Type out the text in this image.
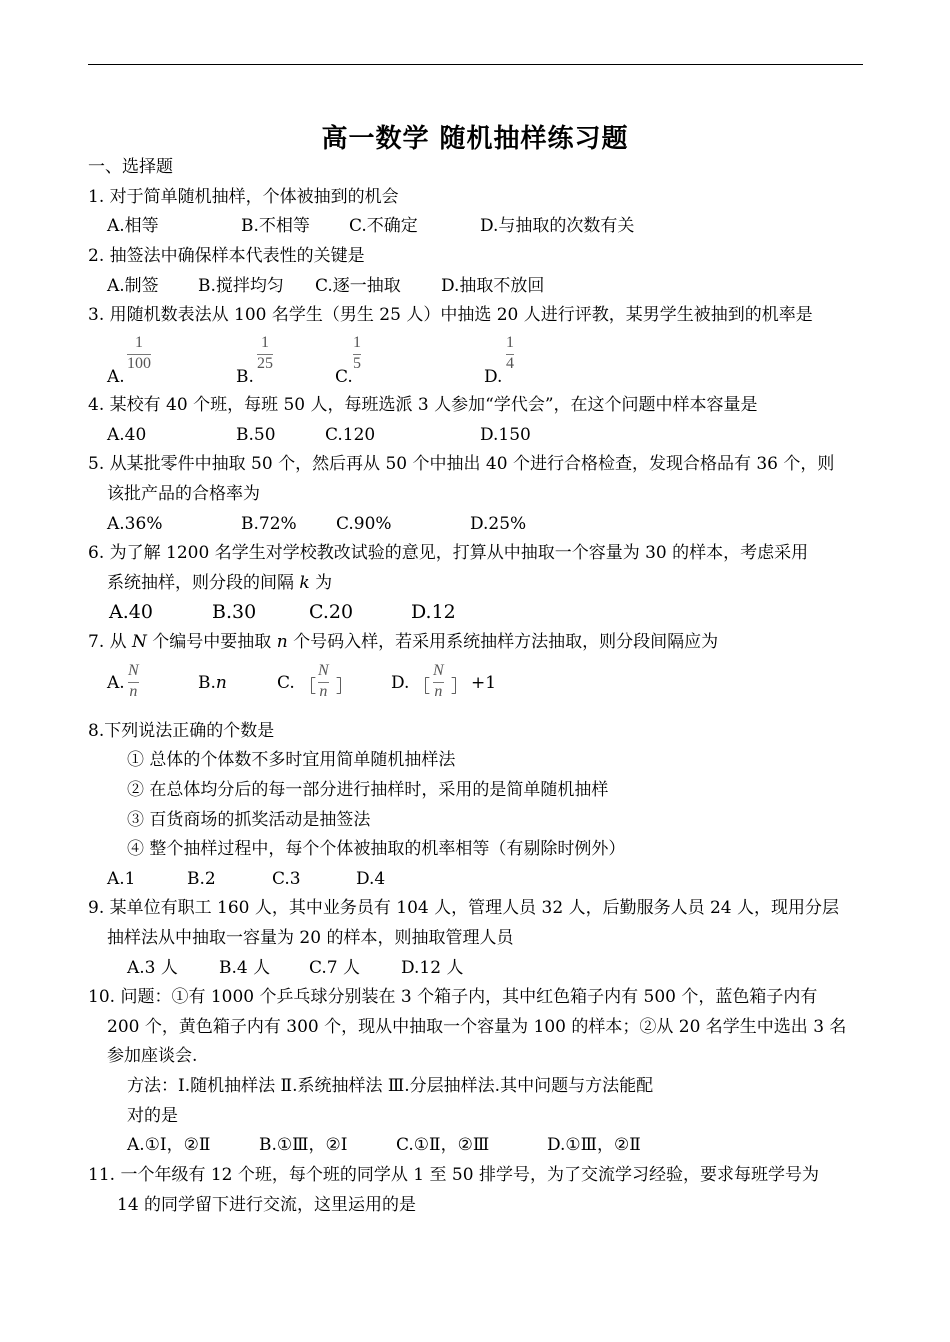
高一数学 随机抽样练习题
一、选择题
1. 对于简单随机抽样，个体被抽到的机会
A.相等	B.不相等 C.不确定	D.与抽取的次数有关
2. 抽签法中确保样本代表性的关键是
A.制签 B.搅拌均匀 C.逐一抽取 D.抽取不放回
3. 用随机数表法从 100 名学生（男生 25 人）中抽选 20 人进行评教，某男学生被抽到的机率是
A.
1
100
B.
1
25
C.
1
5
D.
1
4
4. 某校有 40 个班，每班 50 人，每班选派 3 人参加“学代会”，在这个问题中样本容量是
A.40	B.50	C.120	D.150
5. 从某批零件中抽取 50 个，然后再从 50 个中抽出 40 个进行合格检查，发现合格品有 36 个，则
该批产品的合格率为
A.36%	B.72% C.90%	D.25%
6. 为了解 1200 名学生对学校教改试验的意见，打算从中抽取一个容量为 30 的样本，考虑采用
系统抽样，则分段的间隔 k 为
A.40	B.30	C.20	D.12
7. 从 N 个编号中要抽取 n 个号码入样，若采用系统抽样方法抽取，则分段间隔应为
A.
N
n	B.n	C. ［
N
n ］ D. ［
N
n ］ +1
8.下列说法正确的个数是
① 总体的个体数不多时宜用简单随机抽样法
② 在总体均分后的每一部分进行抽样时，采用的是简单随机抽样
③ 百货商场的抓奖活动是抽签法
④ 整个抽样过程中，每个个体被抽取的机率相等（有剔除时例外）
A.1	B.2	C.3	D.4
9. 某单位有职工 160 人，其中业务员有 104 人，管理人员 32 人，后勤服务人员 24 人，现用分层
抽样法从中抽取一容量为 20 的样本，则抽取管理人员
A.3 人 B.4 人 C.7 人 D.12 人
10. 问题：①有 1000 个乒乓球分别装在 3 个箱子内，其中红色箱子内有 500 个，蓝色箱子内有
200 个，黄色箱子内有 300 个，现从中抽取一个容量为 100 的样本；②从 20 名学生中选出 3 名
参加座谈会.
方法：Ⅰ.随机抽样法 Ⅱ.系统抽样法 Ⅲ.分层抽样法.其中问题与方法能配
对的是
A.①Ⅰ，②Ⅱ	B.①Ⅲ，②Ⅰ	C.①Ⅱ，②Ⅲ	D.①Ⅲ，②Ⅱ
11. 一个年级有 12 个班，每个班的同学从 1 至 50 排学号，为了交流学习经验，要求每班学号为
14 的同学留下进行交流，这里运用的是
